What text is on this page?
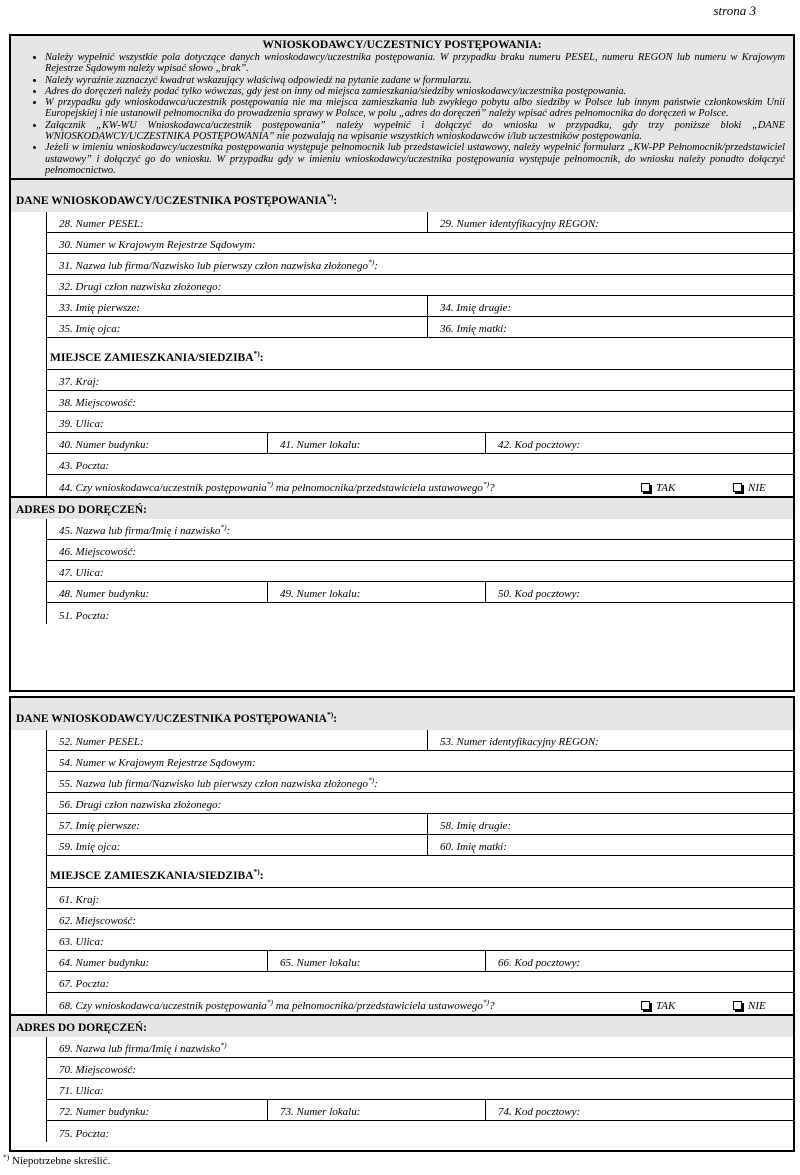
strona 3

WNIOSKODAWCY/UCZESTNICY POSTĘPOWANIA:

• Należy wypełnić wszystkie pola dotyczące danych wnioskodawcy/uczestnika postępowania. W przypadku braku numeru PESEL, numeru REGON lub numeru w Krajowym Rejestrze Sądowym należy wpisać słowo „brak”.
• Należy wyraźnie zaznaczyć kwadrat wskazujący właściwą odpowiedź na pytanie zadane w formularzu.
• Adres do doręczeń należy podać tylko wówczas, gdy jest on inny od miejsca zamieszkania/siedziby wnioskodawcy/uczestnika postępowania.
• W przypadku gdy wnioskodawca/uczestnik postępowania nie ma miejsca zamieszkania lub zwykłego pobytu albo siedziby w Polsce lub innym państwie członkowskim Unii Europejskiej i nie ustanowił pełnomocnika do prowadzenia sprawy w Polsce, w polu „adres do doręczeń” należy wpisać adres pełnomocnika do doręczeń w Polsce.
• Załącznik „KW-WU Wnioskodawca/uczestnik postępowania” należy wypełnić i dołączyć do wniosku w przypadku, gdy trzy poniższe bloki „DANE WNIOSKODAWCY/UCZESTNIKA POSTĘPOWANIA” nie pozwalają na wpisanie wszystkich wnioskodawców i/lub uczestników postępowania.
• Jeżeli w imieniu wnioskodawcy/uczestnika postępowania występuje pełnomocnik lub przedstawiciel ustawowy, należy wypełnić formularz „KW-PP Pełnomocnik/przedstawiciel ustawowy” i dołączyć go do wniosku. W przypadku gdy w imieniu wnioskodawcy/uczestnika postępowania występuje pełnomocnik, do wniosku należy ponadto dołączyć pełnomocnictwo.
DANE WNIOSKODAWCY/UCZESTNIKA POSTĘPOWANIA*):
28. Numer PESEL:	29. Numer identyfikacyjny REGON:
30. Numer w Krajowym Rejestrze Sądowym:
31. Nazwa lub firma/Nazwisko lub pierwszy człon nazwiska złożonego*):
32. Drugi człon nazwiska złożonego:
33. Imię pierwsze:	34. Imię drugie:
35. Imię ojca:	36. Imię matki:
MIEJSCE ZAMIESZKANIA/SIEDZIBA*):
37. Kraj:
38. Miejscowość:
39. Ulica:
40. Numer budynku:	41. Numer lokalu:	42. Kod pocztowy:
43. Poczta:
44. Czy wnioskodawca/uczestnik postępowania*) ma pełnomocnika/przedstawiciela ustawowego*)?	TAK	NIE
ADRES DO DORĘCZEŃ:
45. Nazwa lub firma/Imię i nazwisko*):
46. Miejscowość:
47. Ulica:
48. Numer budynku:	49. Numer lokalu:	50. Kod pocztowy:
51. Poczta:
DANE WNIOSKODAWCY/UCZESTNIKA POSTĘPOWANIA*):
52. Numer PESEL:	53. Numer identyfikacyjny REGON:
54. Numer w Krajowym Rejestrze Sądowym:
55. Nazwa lub firma/Nazwisko lub pierwszy człon nazwiska złożonego*):
56. Drugi człon nazwiska złożonego:
57. Imię pierwsze:	58. Imię drugie:
59. Imię ojca:	60. Imię matki:
MIEJSCE ZAMIESZKANIA/SIEDZIBA*):
61. Kraj:
62. Miejscowość:
63. Ulica:
64. Numer budynku:	65. Numer lokalu:	66. Kod pocztowy:
67. Poczta:
68. Czy wnioskodawca/uczestnik postępowania*) ma pełnomocnika/przedstawiciela ustawowego*)?	TAK	NIE
ADRES DO DORĘCZEŃ:
69. Nazwa lub firma/Imię i nazwisko*)
70. Miejscowość:
71. Ulica:
72. Numer budynku:	73. Numer lokalu:	74. Kod pocztowy:
75. Poczta:
*) Niepotrzebne skreślić.
